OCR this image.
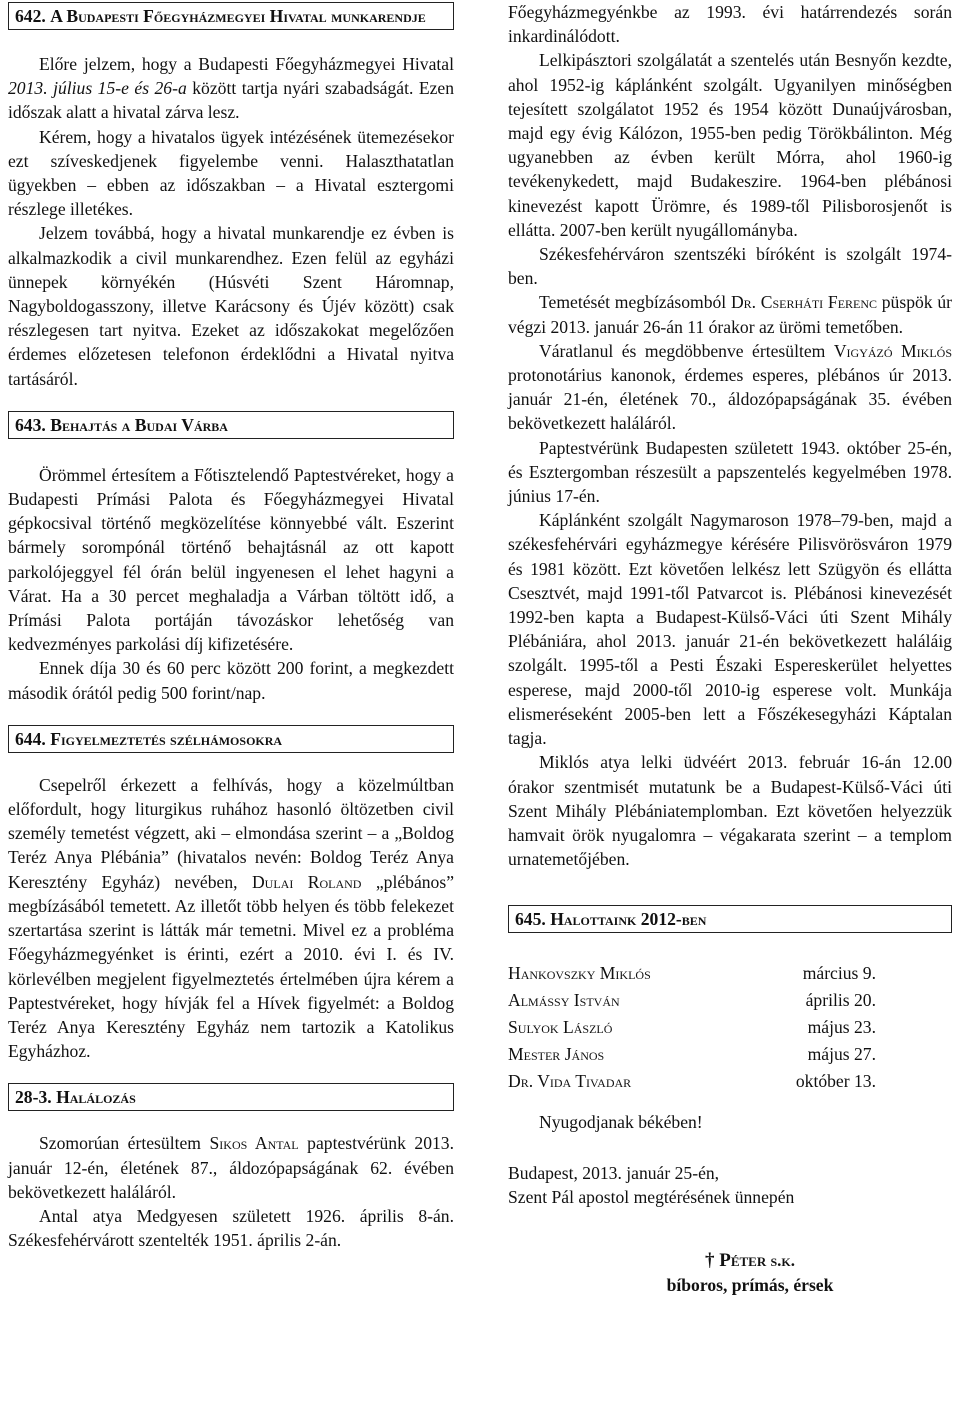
642. A Budapesti Főegyházmegyei Hivatal munkarendje

Előre jelzem, hogy a Budapesti Főegyházmegyei Hivatal 2013. július 15-e és 26-a között tartja nyári szabadságát. Ezen időszak alatt a hivatal zárva lesz.

Kérem, hogy a hivatalos ügyek intézésének ütemezésekor ezt szíveskedjenek figyelembe venni. Halaszthatatlan ügyekben – ebben az időszakban – a Hivatal esztergomi részlege illetékes.

Jelzem továbbá, hogy a hivatal munkarendje ez évben is alkalmazkodik a civil munkarendhez. Ezen felül az egyházi ünnepek környékén (Húsvéti Szent Háromnap, Nagyboldogasszony, illetve Karácsony és Újév között) csak részlegesen tart nyitva. Ezeket az időszakokat megelőzően érdemes előzetesen telefonon érdeklődni a Hivatal nyitva tartásáról.

643. Behajtás a Budai Várba

Örömmel értesítem a Főtisztelendő Paptestvéreket, hogy a Budapesti Prímási Palota és Főegyházmegyei Hivatal gépkocsival történő megközelítése könnyebbé vált. Eszerint bármely sorompónál történő behajtásnál az ott kapott parkolójeggyel fél órán belül ingyenesen el lehet hagyni a Várat. Ha a 30 percet meghaladja a Várban töltött idő, a Prímási Palota portáján távozáskor lehetőség van kedvezményes parkolási díj kifizetésére.

Ennek díja 30 és 60 perc között 200 forint, a megkezdett második órától pedig 500 forint/nap.

644. Figyelmeztetés szélhámosokra

Csepelről érkezett a felhívás, hogy a közelmúltban előfordult, hogy liturgikus ruhához hasonló öltözetben civil személy temetést végzett, aki – elmondása szerint – a „Boldog Teréz Anya Plébánia” (hivatalos nevén: Boldog Teréz Anya Keresztény Egyház) nevében, Dulai Roland „plébános” megbízásából temetett. Az illetőt több helyen és több felekezet szertartása szerint is látták már temetni. Mivel ez a probléma Főegyházmegyénket is érinti, ezért a 2010. évi I. és IV. körlevélben megjelent figyelmeztetés értelmében újra kérem a Paptestvéreket, hogy hívják fel a Hívek figyelmét: a Boldog Teréz Anya Keresztény Egyház nem tartozik a Katolikus Egyházhoz.

28-3. Halálozás

Szomorúan értesültem Sikos Antal paptestvérünk 2013. január 12-én, életének 87., áldozópapságának 62. évében bekövetkezett haláláról.

Antal atya Medgyesen született 1926. április 8-án. Székesfehérvárott szentelték 1951. április 2-án.

Főegyházmegyénkbe az 1993. évi határrendezés során inkardinálódott.

Lelkipásztori szolgálatát a szentelés után Besnyőn kezdte, ahol 1952-ig káplánként szolgált. Ugyanilyen minőségben tejesített szolgálatot 1952 és 1954 között Dunaújvárosban, majd egy évig Kálózon, 1955-ben pedig Törökbálinton. Még ugyanebben az évben került Mórra, ahol 1960-ig tevékenykedett, majd Budakeszire. 1964-ben plébánosi kinevezést kapott Ürömre, és 1989-től Pilisborosjenőt is ellátta. 2007-ben került nyugállományba.

Székesfehérváron szentszéki bíróként is szolgált 1974-ben.

Temetését megbízásomból Dr. Cserháti Ferenc püspök úr végzi 2013. január 26-án 11 órakor az ürömi temetőben.

Váratlanul és megdöbbenve értesültem Vigyázó Miklós protonotárius kanonok, érdemes esperes, plébános úr 2013. január 21-én, életének 70., áldozópapságának 35. évében bekövetkezett haláláról.

Paptestvérünk Budapesten született 1943. október 25-én, és Esztergomban részesült a papszentelés kegyelmében 1978. június 17-én.

Káplánként szolgált Nagymaroson 1978–79-ben, majd a székesfehérvári egyházmegye kérésére Pilisvörösváron 1979 és 1981 között. Ezt követően lelkész lett Szügyön és ellátta Csesztvét, majd 1991-től Patvarcot is. Plébánosi kinevezését 1992-ben kapta a Budapest-Külső-Váci úti Szent Mihály Plébániára, ahol 2013. január 21-én bekövetkezett haláláig szolgált. 1995-től a Pesti Északi Espereskerület helyettes esperese, majd 2000-től 2010-ig esperese volt. Munkája elismeréseként 2005-ben lett a Főszékesegyházi Káptalan tagja.

Miklós atya lelki üdvéért 2013. február 16-án 12.00 órakor szentmisét mutatunk be a Budapest-Külső-Váci úti Szent Mihály Plébániatemplomban. Ezt követően helyezzük hamvait örök nyugalomra – végakarata szerint – a templom urnatemetőjében.

645. Halottaink 2012-ben
Hankovszky Miklós	március 9.
Almássy István	április 20.
Sulyok László	május 23.
Mester János	május 27.
Dr. Vida Tivadar	október 13.

Nyugodjanak békében!

Budapest, 2013. január 25-én,
Szent Pál apostol megtérésének ünnepén
† Péter s.k.
bíboros, prímás, érsek
